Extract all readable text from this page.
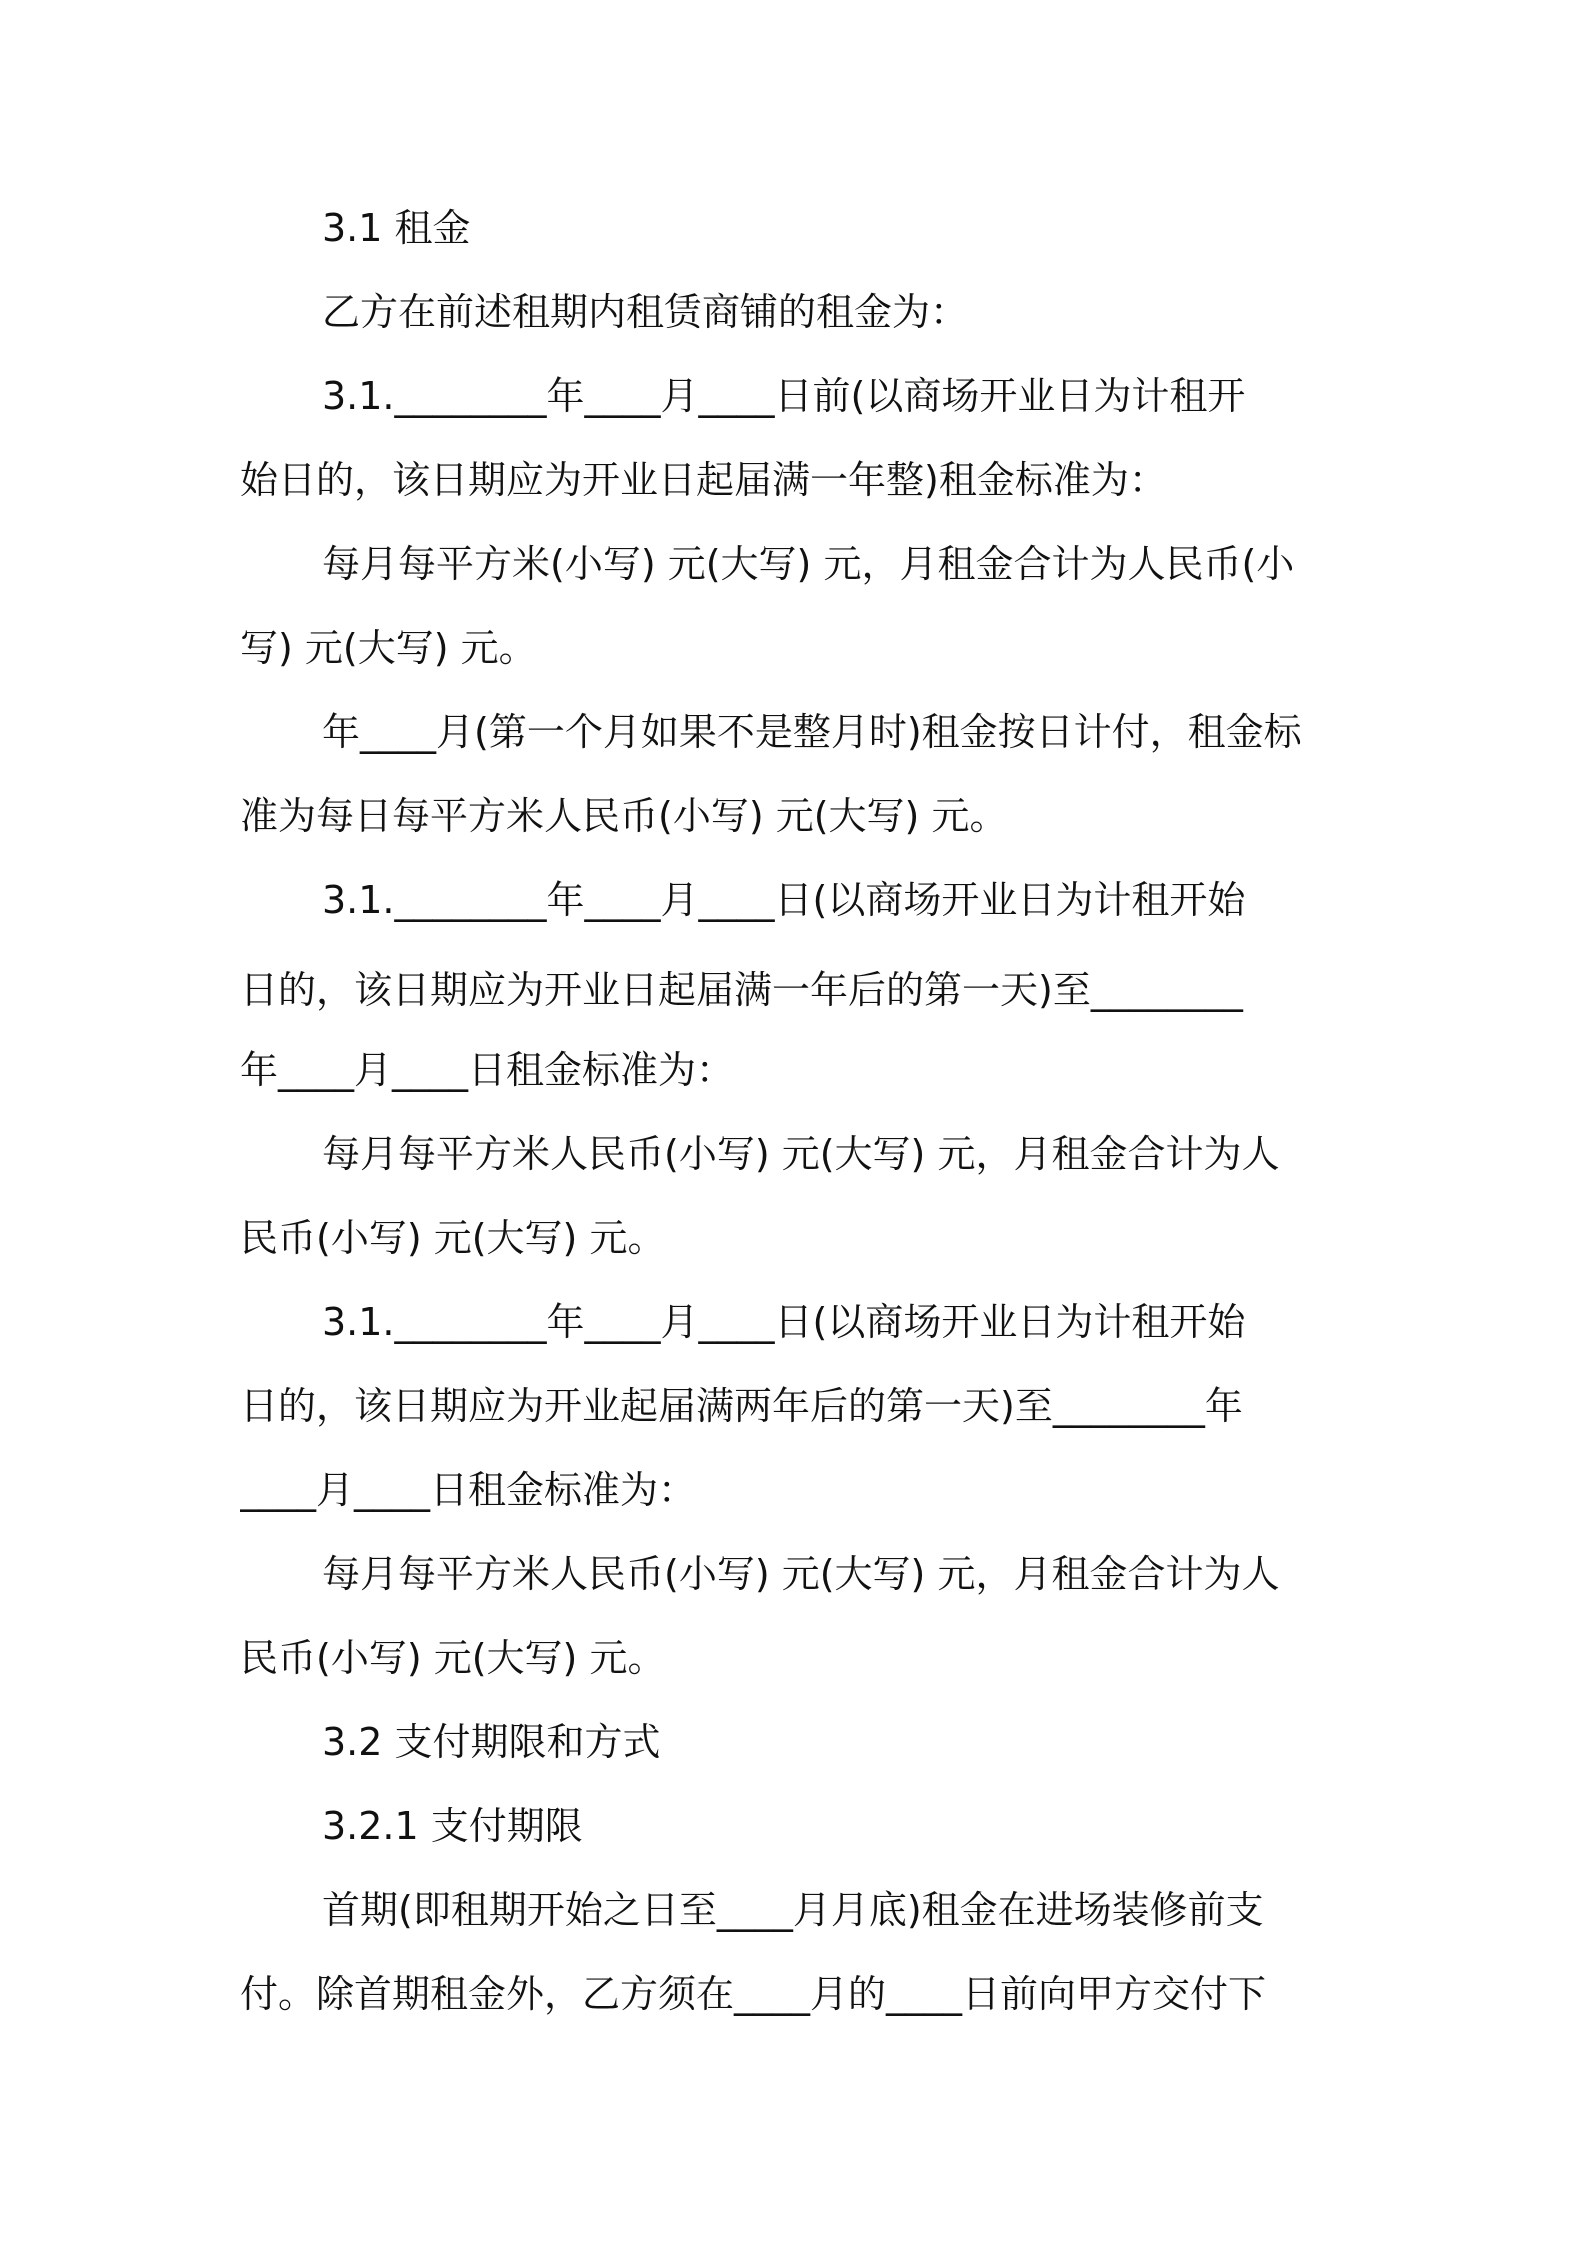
3.1 租金

乙方在前述租期内租赁商铺的租金为：

3.1.________年____月____日前(以商场开业日为计租开

始日的，该日期应为开业日起届满一年整)租金标准为：

每月每平方米(小写) 元(大写) 元，月租金合计为人民币(小

写) 元(大写) 元。

年____月(第一个月如果不是整月时)租金按日计付，租金标

准为每日每平方米人民币(小写) 元(大写) 元。

3.1.________年____月____日(以商场开业日为计租开始

日的，该日期应为开业日起届满一年后的第一天)至________

年____月____日租金标准为：

每月每平方米人民币(小写) 元(大写) 元，月租金合计为人

民币(小写) 元(大写) 元。

3.1.________年____月____日(以商场开业日为计租开始

日的，该日期应为开业起届满两年后的第一天)至________年

____月____日租金标准为：

每月每平方米人民币(小写) 元(大写) 元，月租金合计为人

民币(小写) 元(大写) 元。

3.2 支付期限和方式

3.2.1 支付期限

首期(即租期开始之日至____月月底)租金在进场装修前支

付。除首期租金外，乙方须在____月的____日前向甲方交付下
